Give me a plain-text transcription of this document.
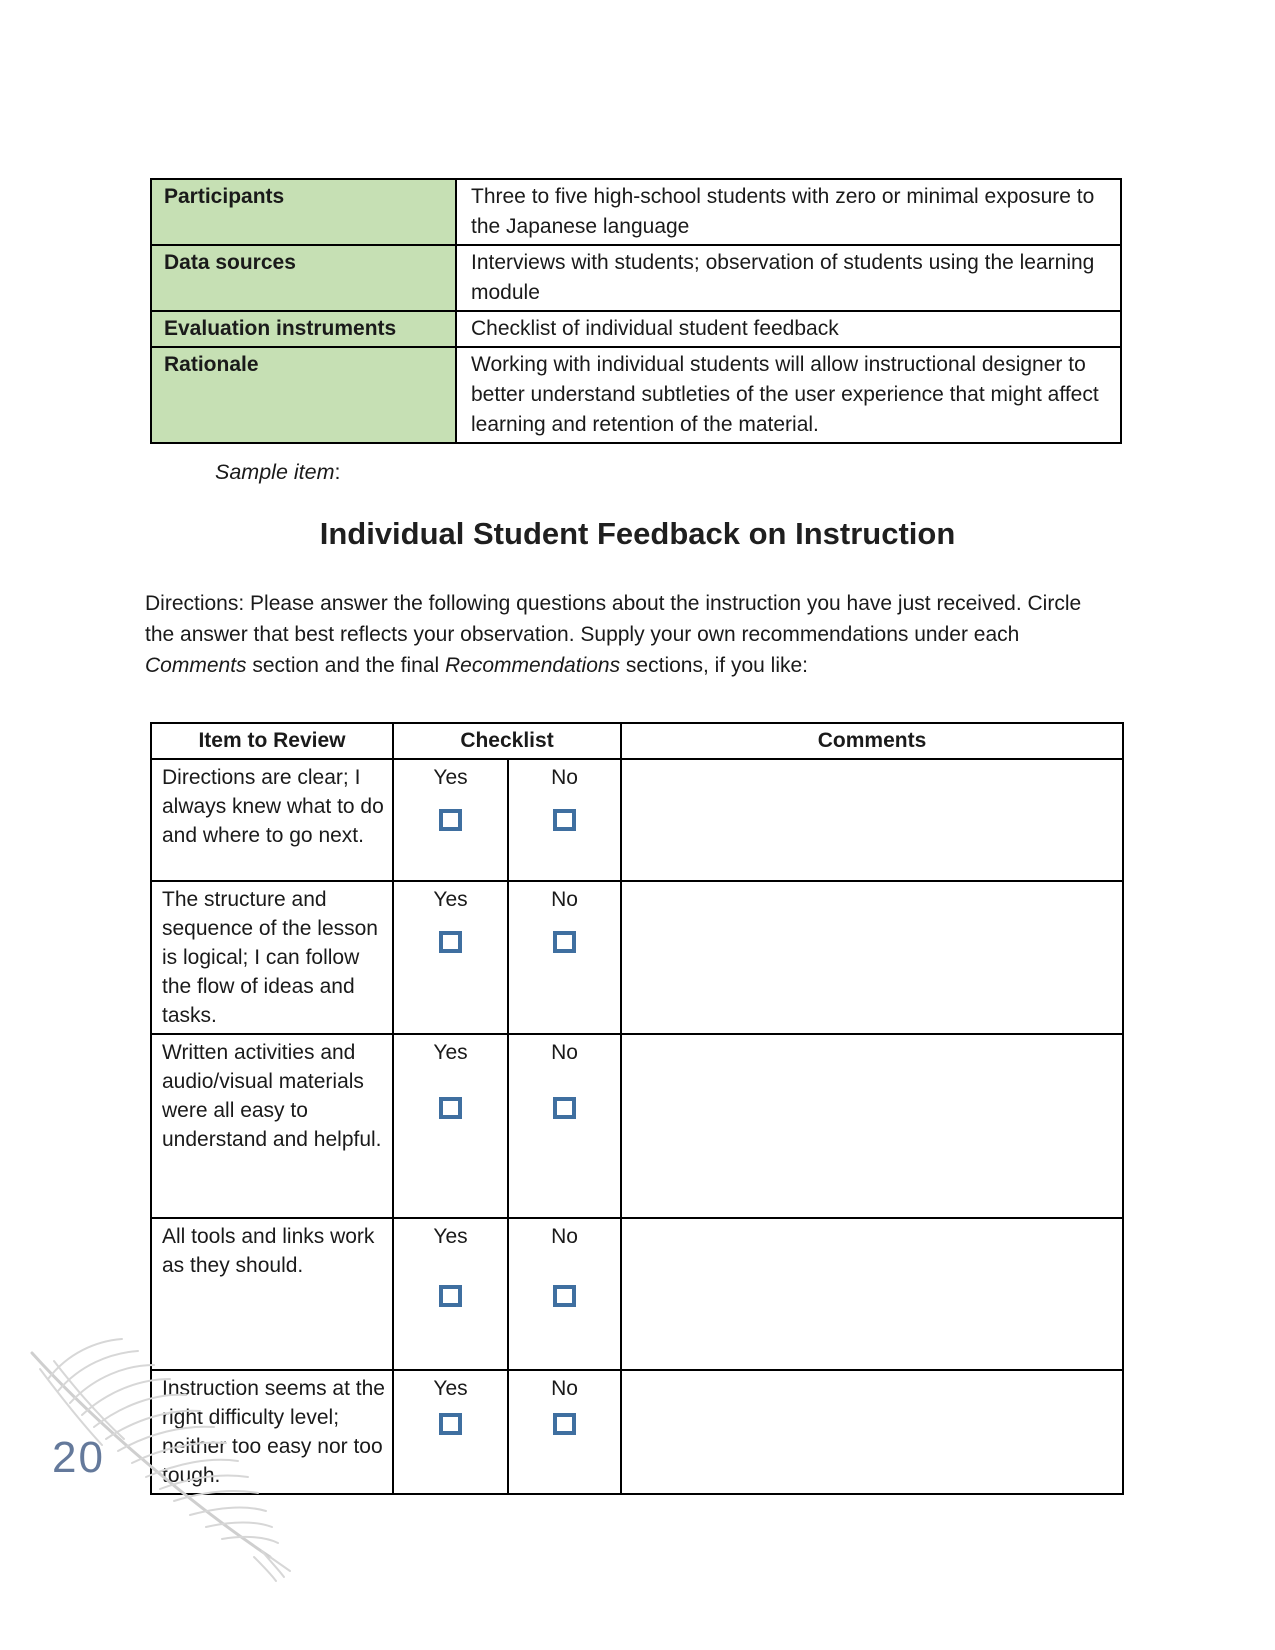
Participants	Three to five high-school students with zero or minimal exposure to the Japanese language
Data sources	Interviews with students; observation of students using the learning module
Evaluation instruments	Checklist of individual student feedback
Rationale	Working with individual students will allow instructional designer to better understand subtleties of the user experience that might affect learning and retention of the material.
Sample item:
Individual Student Feedback on Instruction

Directions: Please answer the following questions about the instruction you have just received. Circle the answer that best reflects your observation. Supply your own recommendations under each Comments section and the final Recommendations sections, if you like:

Item to Review	Checklist		Comments
Directions are clear; I always knew what to do and where to go next.	Yes	No	

The structure and sequence of the lesson is logical; I can follow the flow of ideas and tasks.	Yes	No	

Written activities and audio/visual materials were all easy to understand and helpful.	Yes	No	

All tools and links work as they should.	Yes	No	

Instruction seems at the right difficulty level; neither too easy nor too tough.	Yes	No	

20
